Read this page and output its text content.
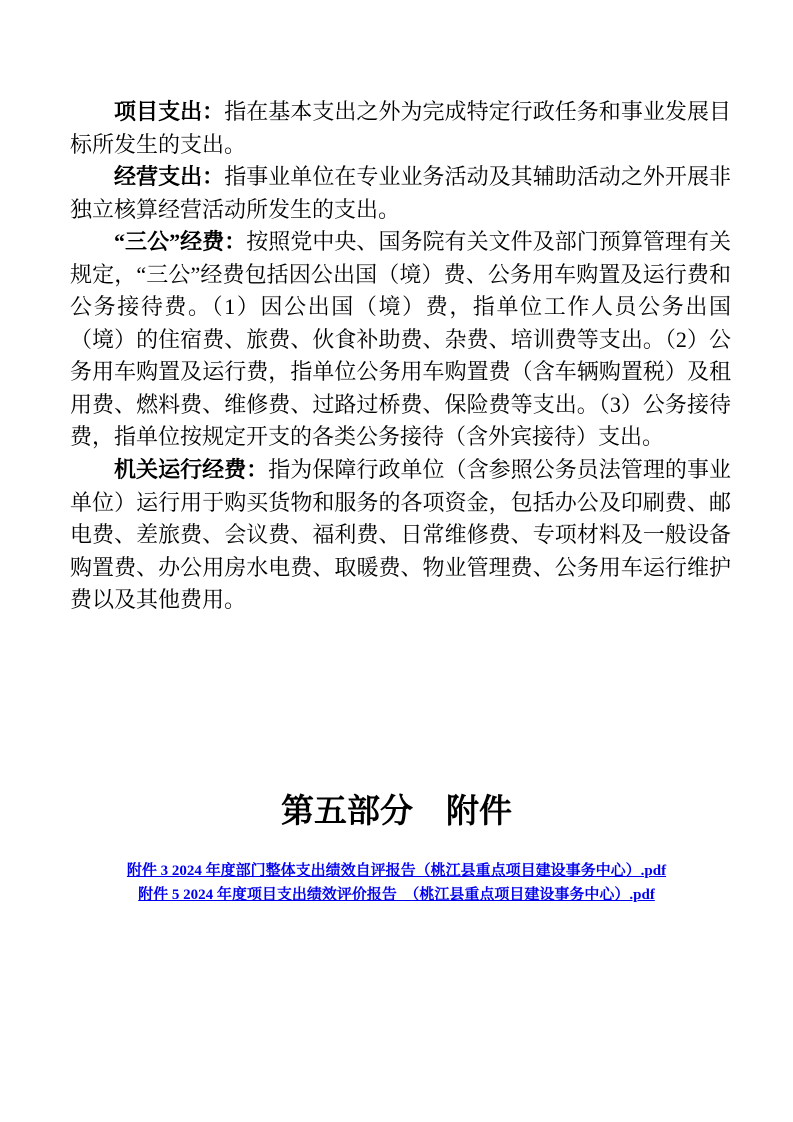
项目支出：指在基本支出之外为完成特定行政任务和事业发展目标所发生的支出。

经营支出：指事业单位在专业业务活动及其辅助活动之外开展非独立核算经营活动所发生的支出。

“三公”经费：按照党中央、国务院有关文件及部门预算管理有关规定，“三公”经费包括因公出国（境）费、公务用车购置及运行费和公务接待费。（1）因公出国（境）费，指单位工作人员公务出国（境）的住宿费、旅费、伙食补助费、杂费、培训费等支出。（2）公务用车购置及运行费，指单位公务用车购置费（含车辆购置税）及租用费、燃料费、维修费、过路过桥费、保险费等支出。（3）公务接待费，指单位按规定开支的各类公务接待（含外宾接待）支出。

机关运行经费：指为保障行政单位（含参照公务员法管理的事业单位）运行用于购买货物和服务的各项资金，包括办公及印刷费、邮电费、差旅费、会议费、福利费、日常维修费、专项材料及一般设备购置费、办公用房水电费、取暖费、物业管理费、公务用车运行维护费以及其他费用。

第五部分　附件
附件 3 2024 年度部门整体支出绩效自评报告（桃江县重点项目建设事务中心）.pdf
附件 5 2024 年度项目支出绩效评价报告　（桃江县重点项目建设事务中心）.pdf
